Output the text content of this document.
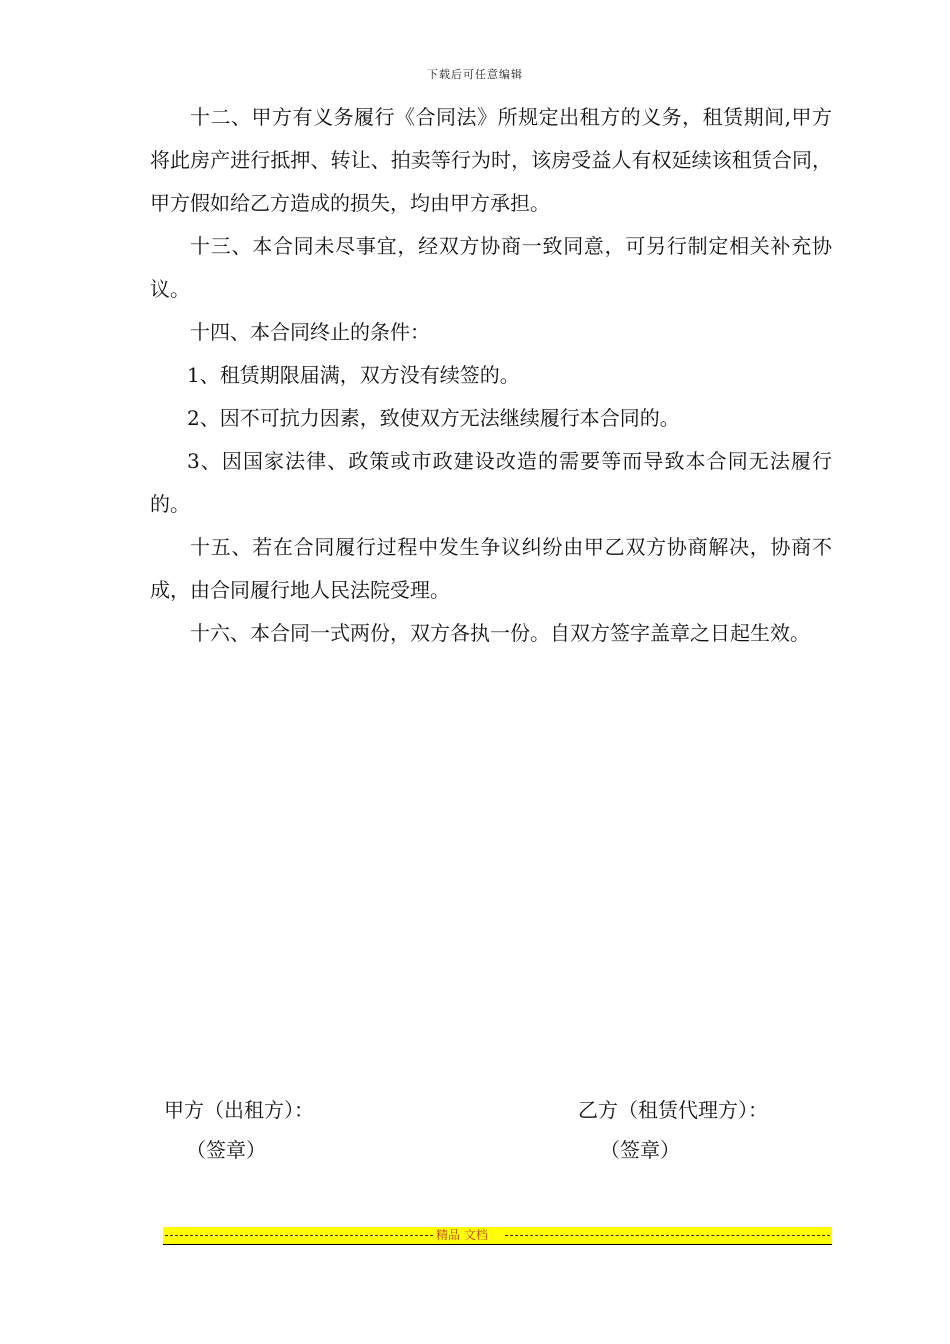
下载后可任意编辑

十二、甲方有义务履行《合同法》所规定出租方的义务，租赁期间,甲方将此房产进行抵押、转让、拍卖等行为时，该房受益人有权延续该租赁合同，甲方假如给乙方造成的损失，均由甲方承担。

十三、本合同未尽事宜，经双方协商一致同意，可另行制定相关补充协议。

十四、本合同终止的条件：

1、租赁期限届满，双方没有续签的。

2、因不可抗力因素，致使双方无法继续履行本合同的。

3、因国家法律、政策或市政建设改造的需要等而导致本合同无法履行的。

十五、若在合同履行过程中发生争议纠纷由甲乙双方协商解决，协商不成，由合同履行地人民法院受理。

十六、本合同一式两份，双方各执一份。自双方签字盖章之日起生效。

甲方（出租方）：
（签章）
乙方（租赁代理方）：
（签章）
精品 文档
